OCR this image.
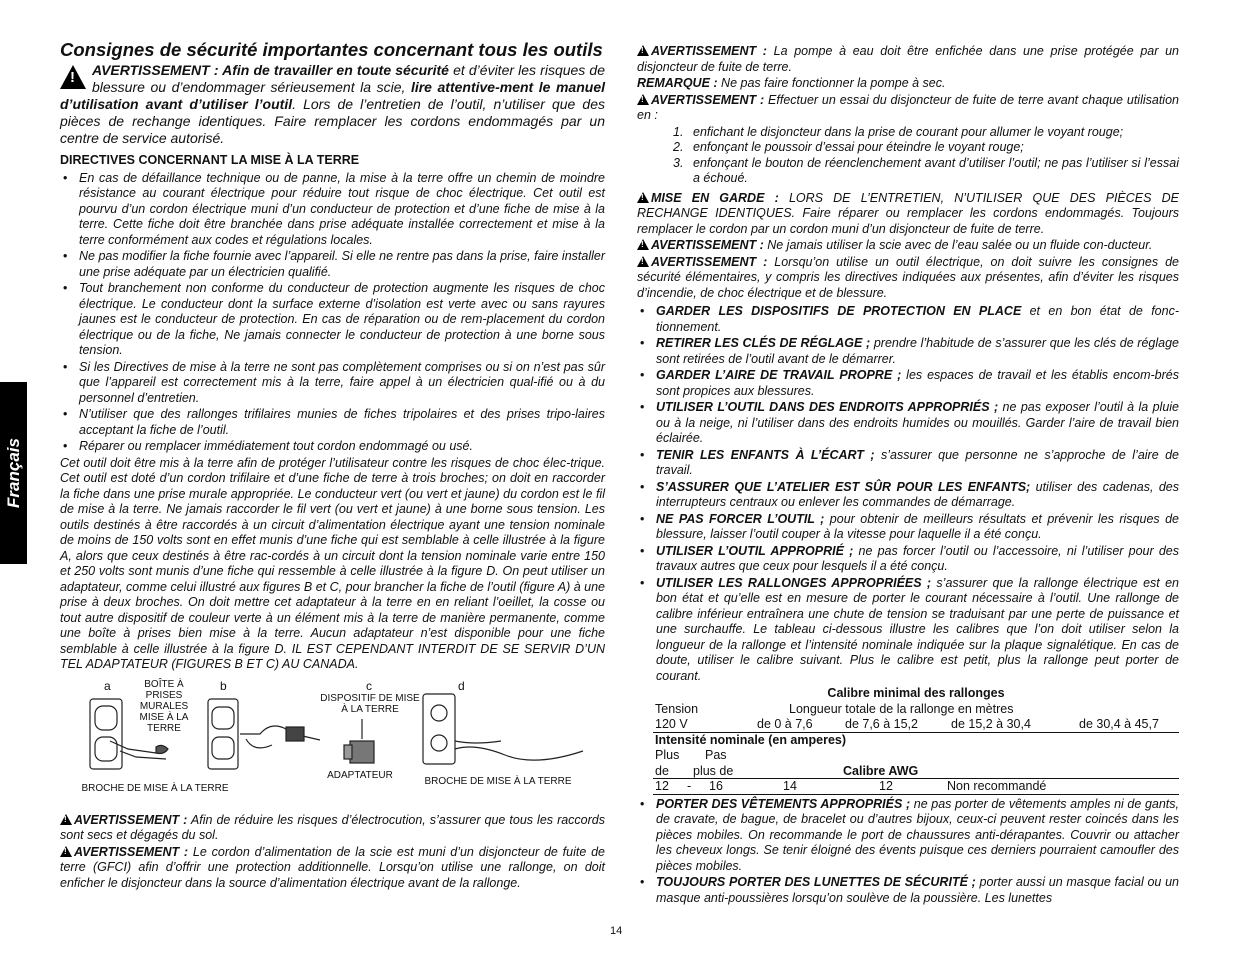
Français
Consignes de sécurité importantes concernant tous les outils
!
AVERTISSEMENT : Afin de travailler en toute sécurité et d’éviter les risques de blessure ou d’endommager sérieusement la scie, lire attentive-ment le manuel d’utilisation avant d’utiliser l’outil. Lors de l’entretien de l’outil, n’utiliser que des pièces de rechange identiques. Faire remplacer les cordons endommagés par un centre de service autorisé.
DIRECTIVES CONCERNANT LA MISE À LA TERRE
• En cas de défaillance technique ou de panne, la mise à la terre offre un chemin de moindre résistance au courant électrique pour réduire tout risque de choc électrique. Cet outil est pourvu d’un cordon électrique muni d’un conducteur de protection et d’une fiche de mise à la terre. Cette fiche doit être branchée dans prise adéquate installée correctement et mise à la terre conformément aux codes et régulations locales.
• Ne pas modifier la fiche fournie avec l’appareil. Si elle ne rentre pas dans la prise, faire installer une prise adéquate par un électricien qualifié.
• Tout branchement non conforme du conducteur de protection augmente les risques de choc électrique. Le conducteur dont la surface externe d’isolation est verte avec ou sans rayures jaunes est le conducteur de protection. En cas de réparation ou de rem-placement du cordon électrique ou de la fiche, Ne jamais connecter le conducteur de protection à une borne sous tension.
• Si les Directives de mise à la terre ne sont pas complètement comprises ou si on n’est pas sûr que l’appareil est correctement mis à la terre, faire appel à un électricien qual-ifié ou à du personnel d’entretien.
• N’utiliser que des rallonges trifilaires munies de fiches tripolaires et des prises tripo-laires acceptant la fiche de l’outil.
• Réparer ou remplacer immédiatement tout cordon endommagé ou usé.

Cet outil doit être mis à la terre afin de protéger l’utilisateur contre les risques de choc élec-trique. Cet outil est doté d’un cordon trifilaire et d’une fiche de terre à trois broches; on doit en raccorder la fiche dans une prise murale appropriée. Le conducteur vert (ou vert et jaune) du cordon est le fil de mise à la terre. Ne jamais raccorder le fil vert (ou vert et jaune) à une borne sous tension. Les outils destinés à être raccordés à un circuit d’alimentation électrique ayant une tension nominale de moins de 150 volts sont en effet munis d’une fiche qui est semblable à celle illustrée à la figure A, alors que ceux destinés à être rac-cordés à un circuit dont la tension nominale varie entre 150 et 250 volts sont munis d’une fiche qui ressemble à celle illustrée à la figure D. On peut utiliser un adaptateur, comme celui illustré aux figures B et C, pour brancher la fiche de l’outil (figure A) à une prise à deux broches. On doit mettre cet adaptateur à la terre en en reliant l’oeillet, la cosse ou tout autre dispositif de couleur verte à un élément mis à la terre de manière permanente, comme une boîte à prises bien mise à la terre. Aucun adaptateur n’est disponible pour une fiche semblable à celle illustrée à la figure D. IL EST CEPENDANT INTERDIT DE SE SERVIR D’UN TEL ADAPTATEUR (FIGURES B ET C) AU CANADA.

a	b	c	d
BOÎTE À PRISES MURALES MISE À LA TERRE
DISPOSITIF DE MISE À LA TERRE
ADAPTATEUR
BROCHE DE MISE À LA TERRE
BROCHE DE MISE À LA TERRE

!AVERTISSEMENT : Afin de réduire les risques d’électrocution, s’assurer que tous les raccords sont secs et dégagés du sol.

!AVERTISSEMENT : Le cordon d’alimentation de la scie est muni d’un disjoncteur de fuite de terre (GFCI) afin d’offrir une protection additionnelle. Lorsqu’on utilise une rallonge, on doit enficher le disjoncteur dans la source d’alimentation électrique avant de la rallonge.

!AVERTISSEMENT : La pompe à eau doit être enfichée dans une prise protégée par un disjoncteur de fuite de terre.

REMARQUE : Ne pas faire fonctionner la pompe à sec.

!AVERTISSEMENT : Effectuer un essai du disjoncteur de fuite de terre avant chaque utilisation en :

1. enfichant le disjoncteur dans la prise de courant pour allumer le voyant rouge;
2. enfonçant le poussoir d’essai pour éteindre le voyant rouge;
3. enfonçant le bouton de réenclenchement avant d’utiliser l’outil; ne pas l’utiliser si l’essai a échoué.

!MISE EN GARDE : LORS DE L’ENTRETIEN, N’UTILISER QUE DES PIÈCES DE RECHANGE IDENTIQUES. Faire réparer ou remplacer les cordons endommagés. Toujours remplacer le cordon par un cordon muni d’un disjoncteur de fuite de terre.

!AVERTISSEMENT : Ne jamais utiliser la scie avec de l’eau salée ou un fluide con-ducteur.

!AVERTISSEMENT : Lorsqu’on utilise un outil électrique, on doit suivre les consignes de sécurité élémentaires, y compris les directives indiquées aux présentes, afin d’éviter les risques d’incendie, de choc électrique et de blessure.

• GARDER LES DISPOSITIFS DE PROTECTION EN PLACE et en bon état de fonc-tionnement.
• RETIRER LES CLÉS DE RÉGLAGE ; prendre l’habitude de s’assurer que les clés de réglage sont retirées de l’outil avant de le démarrer.
• GARDER L’AIRE DE TRAVAIL PROPRE ; les espaces de travail et les établis encom-brés sont propices aux blessures.
• UTILISER L’OUTIL DANS DES ENDROITS APPROPRIÉS ; ne pas exposer l’outil à la pluie ou à la neige, ni l’utiliser dans des endroits humides ou mouillés. Garder l’aire de travail bien éclairée.
• TENIR LES ENFANTS À L’ÉCART ; s’assurer que personne ne s’approche de l’aire de travail.
• S’ASSURER QUE L’ATELIER EST SÛR POUR LES ENFANTS; utiliser des cadenas, des interrupteurs centraux ou enlever les commandes de démarrage.
• NE PAS FORCER L’OUTIL ; pour obtenir de meilleurs résultats et prévenir les risques de blessure, laisser l’outil couper à la vitesse pour laquelle il a été conçu.
• UTILISER L’OUTIL APPROPRIÉ ; ne pas forcer l’outil ou l’accessoire, ni l’utiliser pour des travaux autres que ceux pour lesquels il a été conçu.
• UTILISER LES RALLONGES APPROPRIÉES ; s’assurer que la rallonge électrique est en bon état et qu’elle est en mesure de porter le courant nécessaire à l’outil. Une rallonge de calibre inférieur entraînera une chute de tension se traduisant par une perte de puissance et une surchauffe. Le tableau ci-dessous illustre les calibres que l’on doit utiliser selon la longueur de la rallonge et l’intensité nominale indiquée sur la plaque signalétique. En cas de doute, utiliser le calibre suivant. Plus le calibre est petit, plus la rallonge peut porter de courant.
Calibre minimal des rallonges
Tension	Longueur totale de la rallonge en mètres
120 V	de 0 à 7,6	de 7,6 à 15,2	de 15,2 à 30,4	de 30,4 à 45,7
Intensité nominale (en amperes)
Plus Pas
de plus de	Calibre AWG
12 - 16	14	12	Non recommandé
• PORTER DES VÊTEMENTS APPROPRIÉS ; ne pas porter de vêtements amples ni de gants, de cravate, de bague, de bracelet ou d’autres bijoux, ceux-ci peuvent rester coincés dans les pièces mobiles. On recommande le port de chaussures anti-dérapantes. Couvrir ou attacher les cheveux longs. Se tenir éloigné des évents puisque ces derniers pourraient camoufler des pièces mobiles.
• TOUJOURS PORTER DES LUNETTES DE SÉCURITÉ ; porter aussi un masque facial ou un masque anti-poussières lorsqu’on soulève de la poussière. Les lunettes
14
